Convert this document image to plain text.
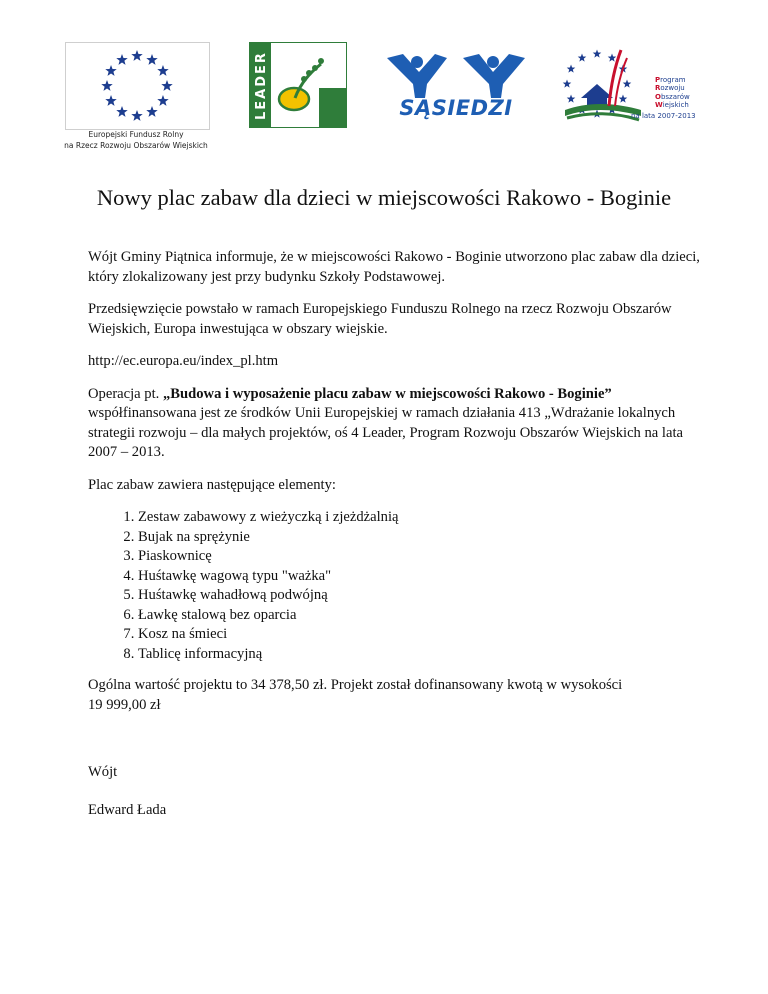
Europejski Fundusz Rolny
na Rzecz Rozwoju Obszarów Wiejskich
LEADER	SĄSIEDZI
Program
Rozwoju
Obszarów
Wiejskich
na lata 2007-2013
Nowy plac zabaw dla dzieci w miejscowości Rakowo - Boginie

Wójt Gminy Piątnica informuje, że w miejscowości Rakowo - Boginie utworzono plac zabaw dla dzieci, który zlokalizowany jest przy budynku Szkoły Podstawowej.

Przedsięwzięcie powstało w ramach Europejskiego Funduszu Rolnego na rzecz Rozwoju Obszarów Wiejskich, Europa inwestująca w obszary wiejskie.

http://ec.europa.eu/index_pl.htm

Operacja pt. „Budowa i wyposażenie placu zabaw w miejscowości Rakowo - Boginie” współfinansowana jest ze środków Unii Europejskiej w ramach działania 413 „Wdrażanie lokalnych strategii rozwoju – dla małych projektów, oś 4 Leader, Program Rozwoju Obszarów Wiejskich na lata 2007 – 2013.

Plac zabaw zawiera następujące elementy:

1. Zestaw zabawowy z wieżyczką i zjeżdżalnią
2. Bujak na sprężynie
3. Piaskownicę
4. Huśtawkę wagową typu "ważka"
5. Huśtawkę wahadłową podwójną
6. Ławkę stalową bez oparcia
7. Kosz na śmieci
8. Tablicę informacyjną

Ogólna wartość projektu to 34 378,50 zł. Projekt został dofinansowany kwotą w wysokości
19 999,00 zł

Wójt

Edward Łada
